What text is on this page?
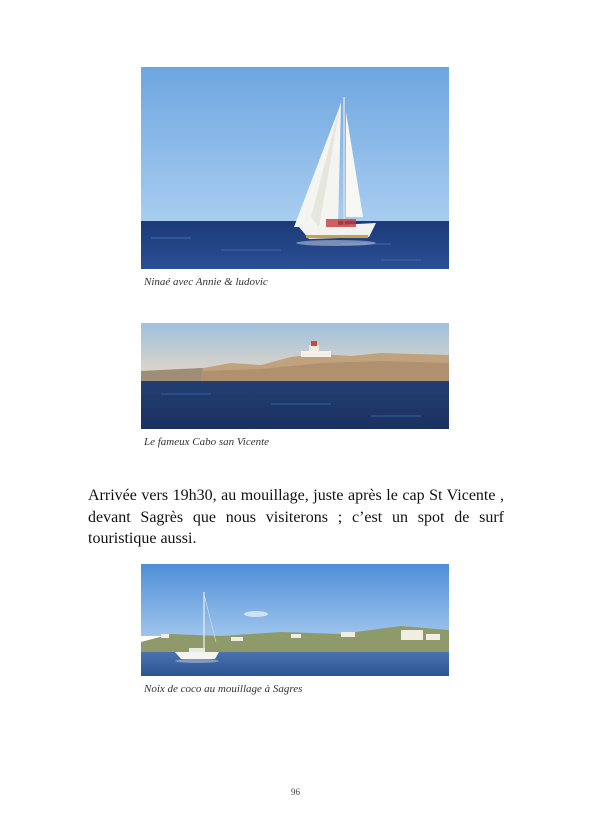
Ninaé avec Annie & ludovic
Le fameux Cabo san Vicente

Arrivée vers 19h30, au mouillage, juste après le cap St Vicente , devant Sagrès que nous visiterons ; c’est un spot de surf touristique aussi.

Noix de coco au mouillage à Sagres
96
